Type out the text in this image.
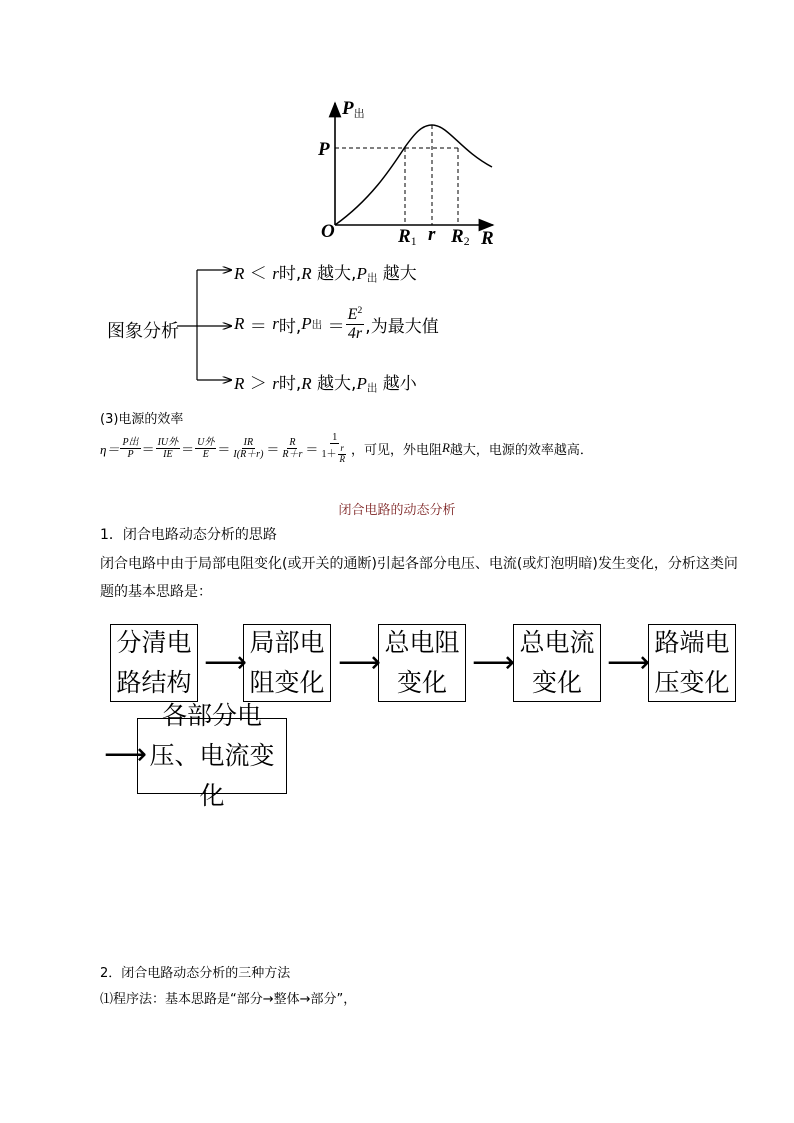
$P_出$
P
O	$R_1$ r $R_2$ R
图象分析
R ＜ r时,R 越大$,P_出$ 越大
R
＝
r 时, P 出
＝ $\frac{E^2}{4r}$ ,为最大值
R ＞ r时,R 越大$,P_出$ 越小
(3)电源的效率
$\eta= \frac{\text{P出}}{P} = \frac{\text{IU外}}{IE} = \frac{\text{U外}}{E} = \frac{IR}{I(R+r)} = \frac{R}{R+r} = \frac{1}{1+ \frac{r}{R}}$ ，可见，外电阻 R 越大，电源的效率越高．
闭合电路的动态分析
1．闭合电路动态分析的思路
闭合电路中由于局部电阻变化(或开关的通断)引起各部分电压、电流(或灯泡明暗)发生变化，分析这类问题的基本思路是：
分清电
路结构
⟶
局部电
阻变化
⟶
总电阻
变化
⟶
总电流
变化
⟶
路端电
压变化
⟶
各部分电
压、电流变化
2．闭合电路动态分析的三种方法
⑴程序法：基本思路是“部分→整体→部分”，
